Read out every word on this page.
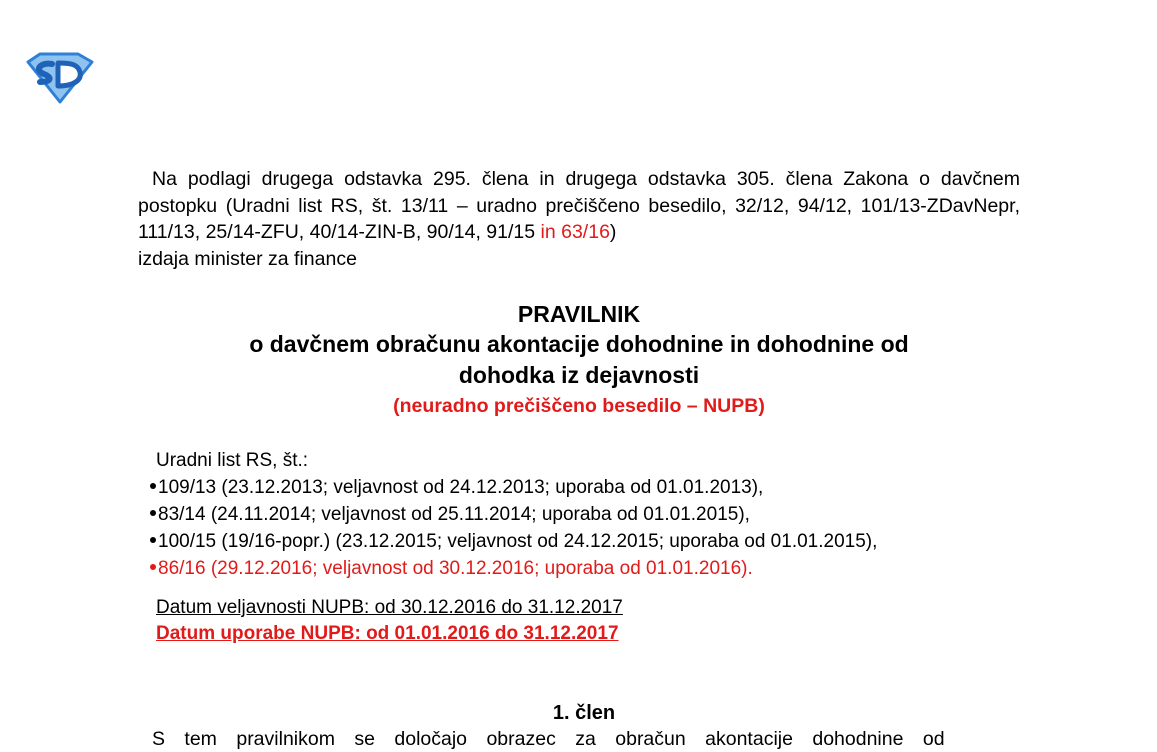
Na podlagi drugega odstavka 295. člena in drugega odstavka 305. člena Zakona o davčnem postopku (Uradni list RS, št. 13/11 – uradno prečiščeno besedilo, 32/12, 94/12, 101/13-ZDavNepr, 111/13, 25/14-ZFU, 40/14-ZIN-B, 90/14, 91/15 in 63/16)
izdaja minister za finance
PRAVILNIK
o davčnem obračunu akontacije dohodnine in dohodnine od
dohodka iz dejavnosti
(neuradno prečiščeno besedilo – NUPB)
Uradni list RS, št.:
109/13 (23.12.2013; veljavnost od 24.12.2013; uporaba od 01.01.2013),
83/14 (24.11.2014; veljavnost od 25.11.2014; uporaba od 01.01.2015),
100/15 (19/16-popr.) (23.12.2015; veljavnost od 24.12.2015; uporaba od 01.01.2015),
86/16 (29.12.2016; veljavnost od 30.12.2016; uporaba od 01.01.2016).
Datum veljavnosti NUPB: od 30.12.2016 do 31.12.2017
Datum uporabe NUPB: od 01.01.2016 do 31.12.2017
1. člen
S tem pravilnikom se določajo obrazec za obračun akontacije dohodnine od
